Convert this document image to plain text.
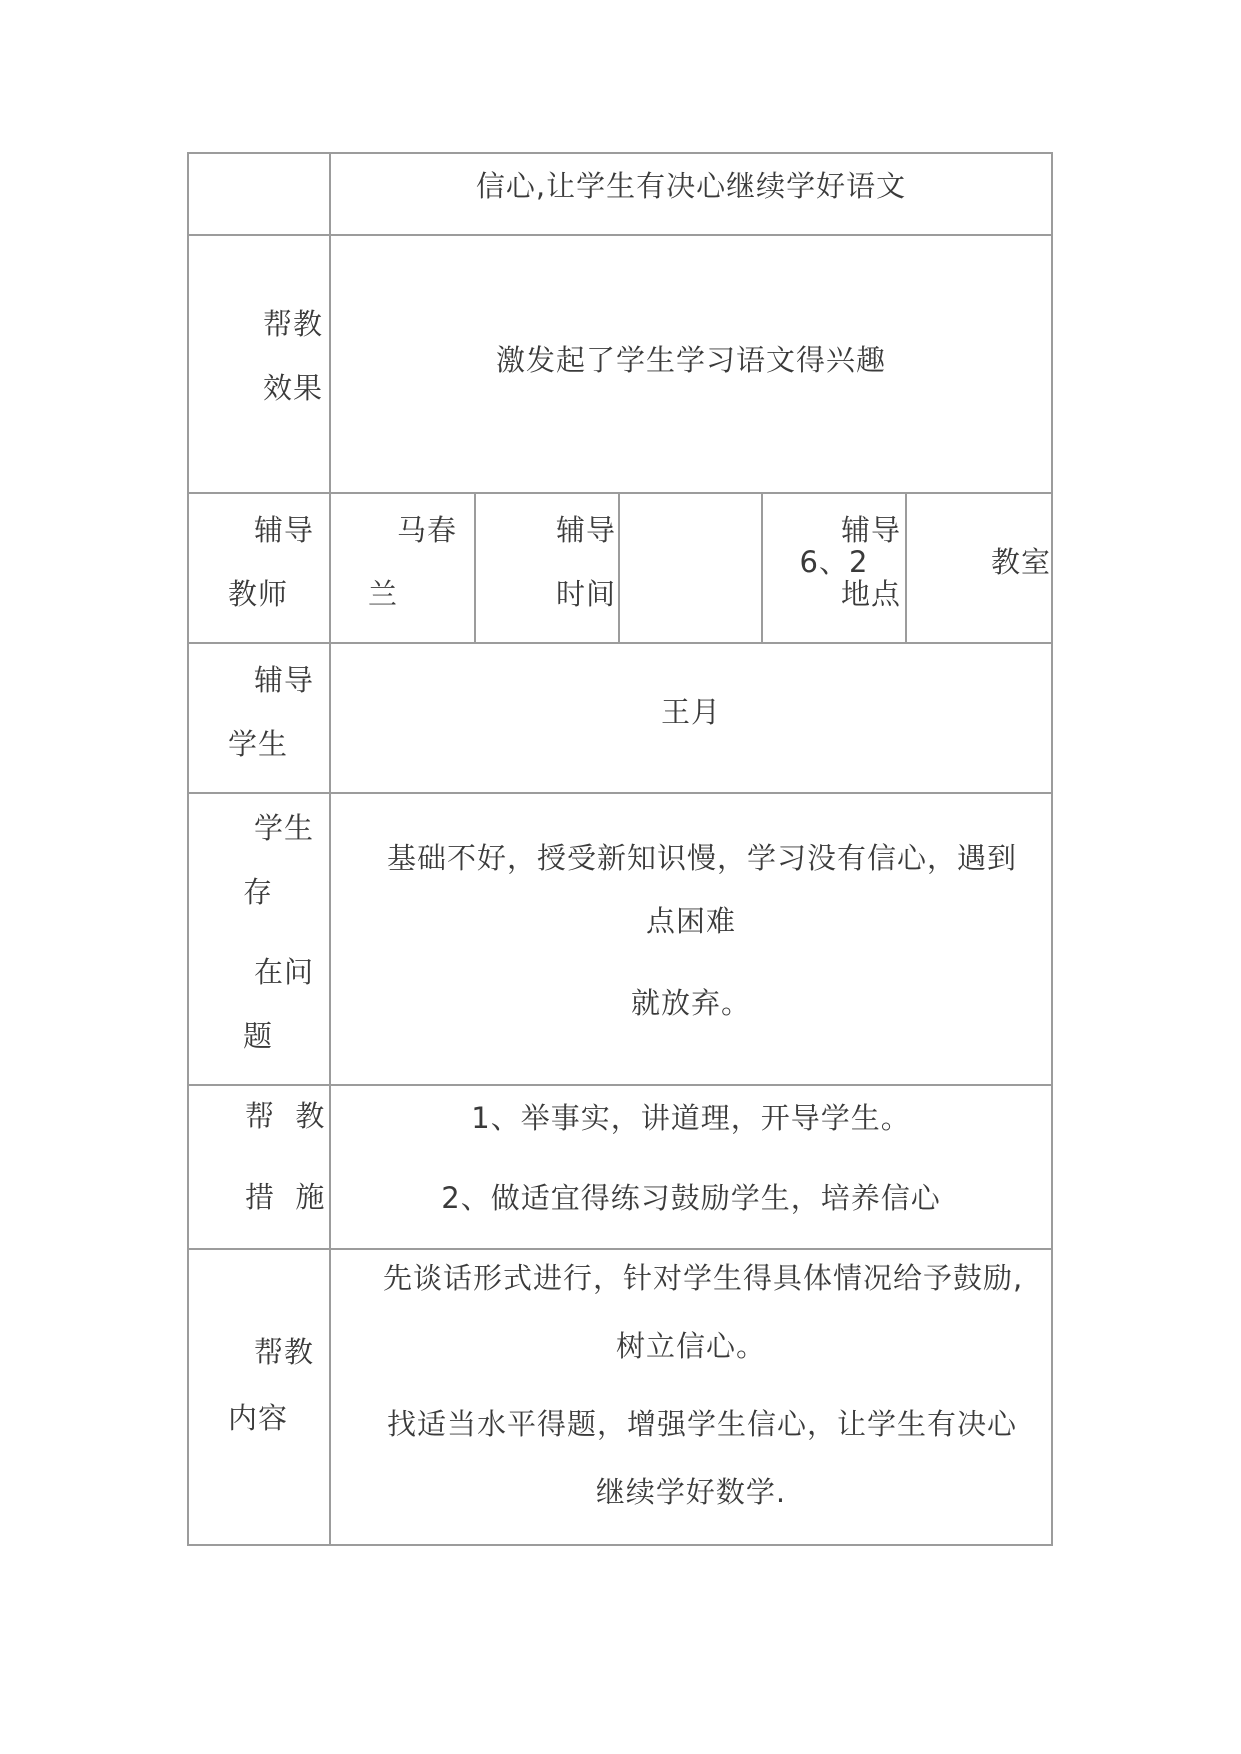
信心,让学生有决心继续学好语文
帮教
效果
激发起了学生学习语文得兴趣
辅导
教师
马春
兰
辅导
时间
6、2
辅导
地点
教室
辅导
学生
王月
学生
存
在问
题
基础不好，授受新知识慢，学习没有信心，遇到
点困难
就放弃。
帮  教
措  施
1、举事实，讲道理，开导学生。
2、做适宜得练习鼓励学生，培养信心
帮教
内容
先谈话形式进行，针对学生得具体情况给予鼓励,
树立信心。
找适当水平得题，增强学生信心，让学生有决心
继续学好数学.
